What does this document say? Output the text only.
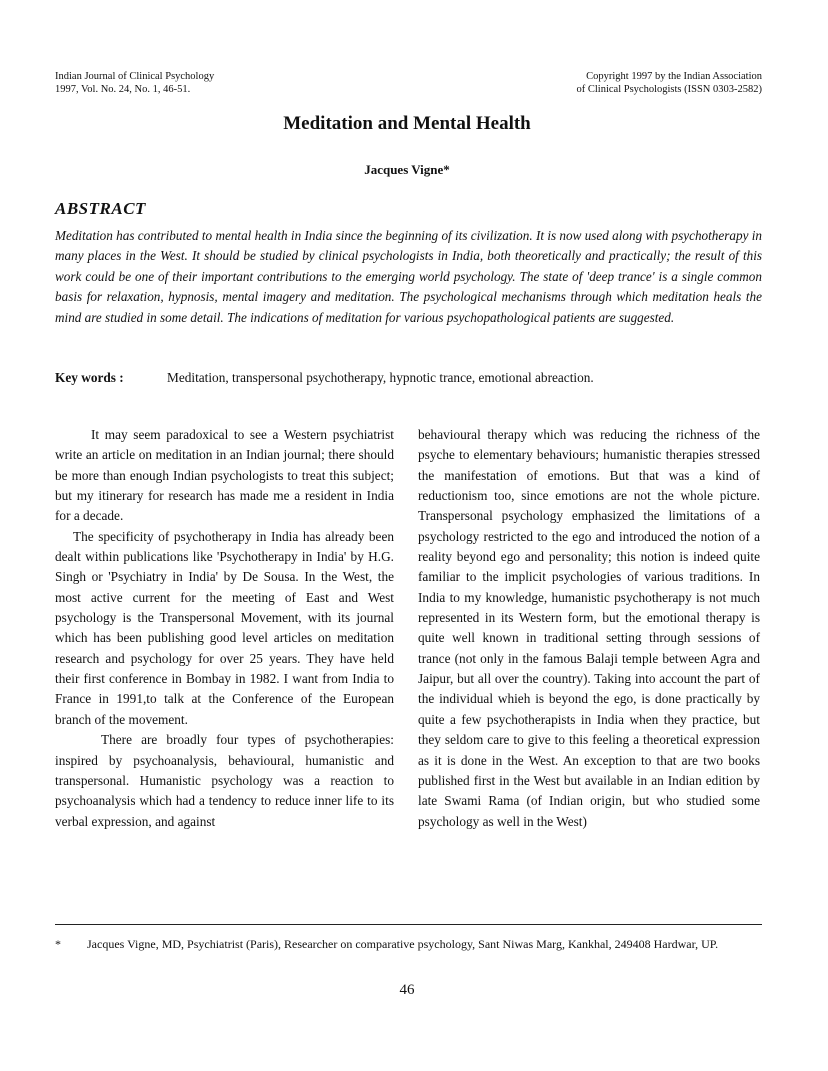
Indian Journal of Clinical Psychology
1997, Vol. No. 24, No. 1, 46-51.
Copyright 1997 by the Indian Association
of Clinical Psychologists (ISSN 0303-2582)
Meditation and Mental Health
Jacques Vigne*
ABSTRACT
Meditation has contributed to mental health in India since the beginning of its civilization. It is now used along with psychotherapy in many places in the West. It should be studied by clinical psychologists in India, both theoretically and practically; the result of this work could be one of their important contributions to the emerging world psychology. The state of 'deep trance' is a single common basis for relaxation, hypnosis, mental imagery and meditation. The psychological mechanisms through which meditation heals the mind are studied in some detail. The indications of meditation for various psychopathological patients are suggested.
Key words :	Meditation, transpersonal psychotherapy, hypnotic trance, emotional abreaction.

It may seem paradoxical to see a Western psychiatrist write an article on meditation in an Indian journal; there should be more than enough Indian psychologists to treat this subject; but my itinerary for research has made me a resident in India for a decade.

The specificity of psychotherapy in India has already been dealt within publications like 'Psychotherapy in India' by H.G. Singh or 'Psychiatry in India' by De Sousa. In the West, the most active current for the meeting of East and West psychology is the Transpersonal Movement, with its journal which has been publishing good level articles on meditation research and psychology for over 25 years. They have held their first conference in Bombay in 1982. I want from India to France in 1991,to talk at the Conference of the European branch of the movement.

There are broadly four types of psychotherapies: inspired by psychoanalysis, behavioural, humanistic and transpersonal. Humanistic psychology was a reaction to psychoanalysis which had a tendency to reduce inner life to its verbal expression, and against

behavioural therapy which was reducing the richness of the psyche to elementary behaviours; humanistic therapies stressed the manifestation of emotions. But that was a kind of reductionism too, since emotions are not the whole picture. Transpersonal psychology emphasized the limitations of a psychology restricted to the ego and introduced the notion of a reality beyond ego and personality; this notion is indeed quite familiar to the implicit psychologies of various traditions. In India to my knowledge, humanistic psychotherapy is not much represented in its Western form, but the emotional therapy is quite well known in traditional setting through sessions of trance (not only in the famous Balaji temple between Agra and Jaipur, but all over the country). Taking into account the part of the individual whieh is beyond the ego, is done practically by quite a few psychotherapists in India when they practice, but they seldom care to give to this feeling a theoretical expression as it is done in the West. An exception to that are two books published first in the West but available in an Indian edition by late Swami Rama (of Indian origin, but who studied some psychology as well in the West)

* Jacques Vigne, MD, Psychiatrist (Paris), Researcher on comparative psychology, Sant Niwas Marg, Kankhal, 249408 Hardwar, UP.
46
